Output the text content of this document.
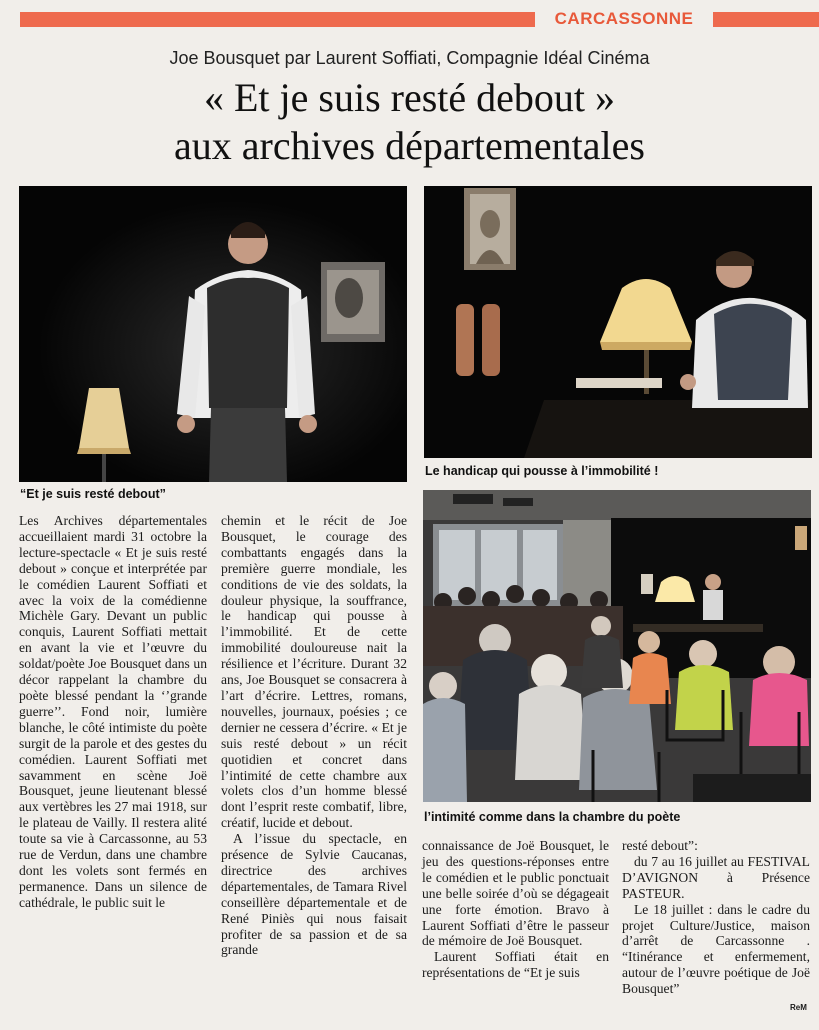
CARCASSONNE
Joe Bousquet par Laurent Soffiati, Compagnie Idéal Cinéma
« Et je suis resté debout »
aux archives départementales
“Et je suis resté debout”
Le handicap qui pousse à l’immobilité !
l’intimité comme dans la chambre du poète

Les Archives départementales accueillaient mardi 31 octobre la lecture-spectacle « Et je suis resté debout » conçue et interprétée par le comédien Laurent Soffiati et avec la voix de la comédienne Michèle Gary. Devant un public conquis, Laurent Soffiati mettait en avant la vie et l’œuvre du soldat/poète Joe Bousquet dans un décor rappelant la chambre du poète blessé pendant la ‘’grande guerre’’. Fond noir, lumière blanche, le côté intimiste du poète surgit de la parole et des gestes du comédien. Laurent Soffiati met savamment en scène Joë Bousquet, jeune lieutenant blessé aux vertèbres les 27 mai 1918, sur le plateau de Vailly. Il restera alité toute sa vie à Carcassonne, au 53 rue de Verdun, dans une chambre dont les volets sont fermés en permanence. Dans un silence de cathédrale, le public suit le

chemin et le récit de Joe Bousquet, le courage des combattants engagés dans la première guerre mondiale, les conditions de vie des soldats, la douleur physique, la souffrance, le handicap qui pousse à l’immobilité. Et de cette immobilité douloureuse nait la résilience et l’écriture. Durant 32 ans, Joe Bousquet se consacrera à l’art d’écrire. Lettres, romans, nouvelles, journaux, poésies ; ce dernier ne cessera d’écrire. « Et je suis resté debout » un récit quotidien et concret dans l’intimité de cette chambre aux volets clos d’un homme blessé dont l’esprit reste combatif, libre, créatif, lucide et debout.

A l’issue du spectacle, en présence de Sylvie Caucanas, directrice des archives départementales, de Tamara Rivel conseillère départementale et de René Piniès qui nous faisait profiter de sa passion et de sa grande

connaissance de Joë Bousquet, le jeu des questions-réponses entre le comédien et le public ponctuait une belle soirée d’où se dégageait une forte émotion. Bravo à Laurent Soffiati d’être le passeur de mémoire de Joë Bousquet.

Laurent Soffiati était en représentations de “Et je suis

resté debout”:

du 7 au 16 juillet au FESTIVAL D’AVIGNON à Présence PASTEUR.

Le 18 juillet : dans le cadre du projet Culture/Justice, maison d’arrêt de Carcassonne . “Itinérance et enfermement, autour de l’œuvre poétique de Joë Bousquet”

ReM
